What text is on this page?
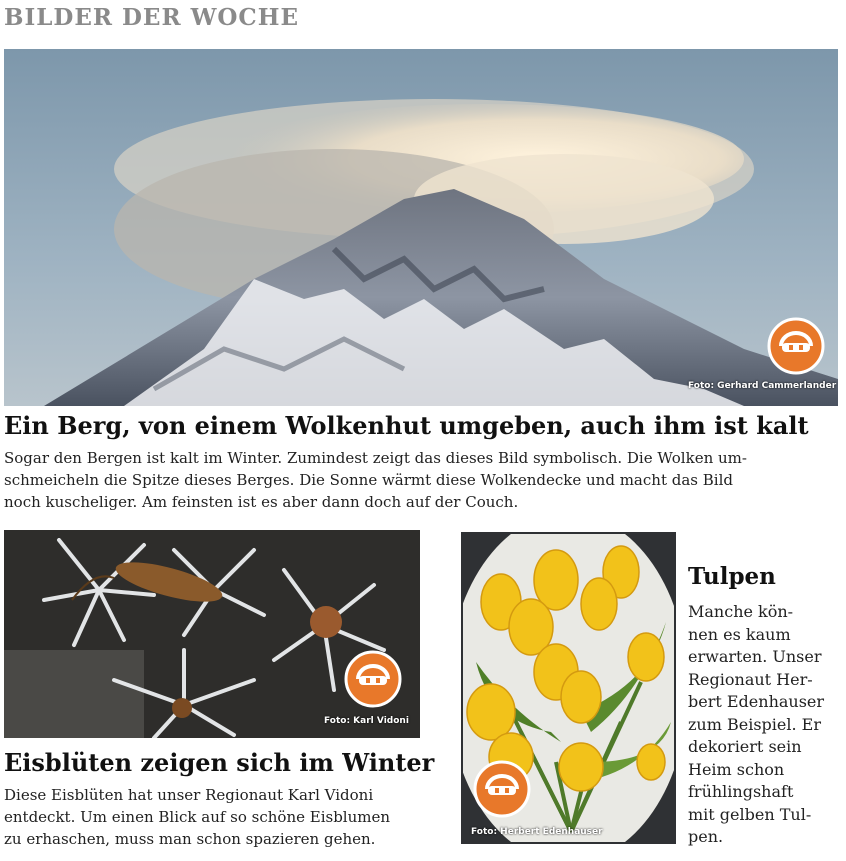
BILDER DER WOCHE
Foto: Gerhard Cammerlander
Ein Berg, von einem Wolkenhut umgeben, auch ihm ist kalt
Sogar den Bergen ist kalt im Winter. Zumindest zeigt das dieses Bild symbolisch. Die Wolken um-
schmeicheln die Spitze dieses Berges. Die Sonne wärmt diese Wolkendecke und macht das Bild
noch kuscheliger. Am feinsten ist es aber dann doch auf der Couch.
Foto: Karl Vidoni
Eisblüten zeigen sich im Winter
Diese Eisblüten hat unser Regionaut Karl Vidoni
entdeckt. Um einen Blick auf so schöne Eisblumen
zu erhaschen, muss man schon spazieren gehen.	Foto: Herbert Edenhauser
Tulpen
Manche kön-
nen es kaum
erwarten. Unser
Regionaut Her-
bert Edenhauser
zum Beispiel. Er
dekoriert sein
Heim schon
frühlingshaft
mit gelben Tul-
pen.
